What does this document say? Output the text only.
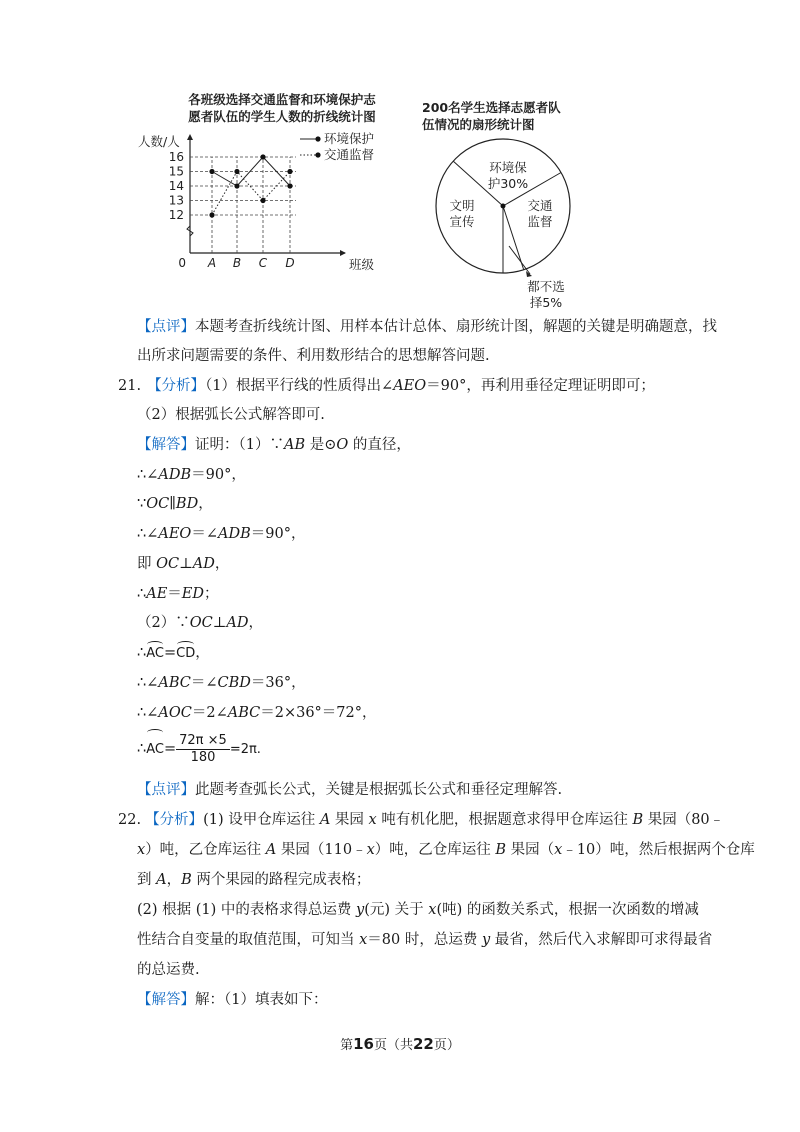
各班级选择交通监督和环境保护志
愿者队伍的学生人数的折线统计图
人数/人
班级
0
12
13
14
15
16
A B C D
环境保护
交通监督
200名学生选择志愿者队
伍情况的扇形统计图
环境保
护30%
交通
监督
都不选
择5%
文明
宣传
【点评】本题考查折线统计图、用样本估计总体、扇形统计图，解题的关键是明确题意，找
出所求问题需要的条件、利用数形结合的思想解答问题.
21. 【分析】（1）根据平行线的性质得出∠AEO＝90°，再利用垂径定理证明即可；
（2）根据弧长公式解答即可.
【解答】证明：（1）∵AB 是⊙O 的直径，
∴∠ADB＝90°，
∵OC∥BD，
∴∠AEO＝∠ADB＝90°，
即 OC⊥AD，
∴AE＝ED；
（2）∵OC⊥AD，
∴AC=CD，
∴∠ABC＝∠CBD＝36°，
∴∠AOC＝2∠ABC＝2×36°＝72°，
∴AC= $\frac{72\pi \times 5}{180} =2\pi$.
【点评】此题考查弧长公式，关键是根据弧长公式和垂径定理解答.
22. 【分析】(1) 设甲仓库运往 A 果园 x 吨有机化肥，根据题意求得甲仓库运往 B 果园（80﹣
x）吨，乙仓库运往 A 果园（110﹣x）吨，乙仓库运往 B 果园（x﹣10）吨，然后根据两个仓库
到 A，B 两个果园的路程完成表格；
(2) 根据 (1) 中的表格求得总运费 y(元) 关于 x(吨) 的函数关系式，根据一次函数的增减
性结合自变量的取值范围，可知当 x＝80 时，总运费 y 最省，然后代入求解即可求得最省
的总运费.
【解答】解：（1）填表如下：
第16页（共22页）
